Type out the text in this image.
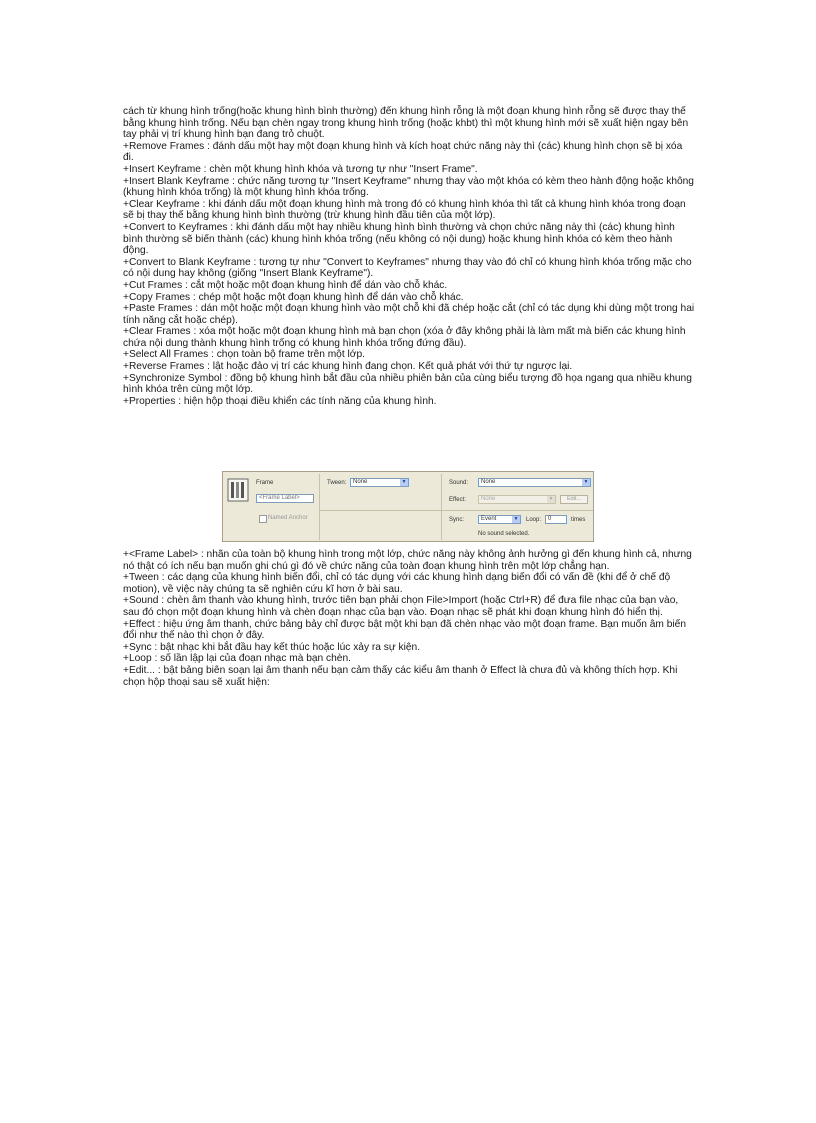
cách từ khung hình trống(hoặc khung hình bình thường) đến khung hình rỗng là một đoạn khung hình rỗng sẽ được thay thế bằng khung hình trống. Nếu bạn chèn ngay trong khung hình trống (hoặc khbt) thì một khung hình mới sẽ xuất hiện ngay bên tay phải vị trí khung hình bạn đang trỏ chuột.

+Remove Frames : đánh dấu một hay một đoạn khung hình và kích hoạt chức năng này thì (các) khung hình chọn sẽ bị xóa đi.

+Insert Keyframe : chèn một khung hình khóa và tương tự như "Insert Frame".

+Insert Blank Keyframe : chức năng tương tự "Insert Keyframe" nhưng thay vào một khóa có kèm theo hành động hoặc không (khung hình khóa trống) là một khung hình khóa trống.

+Clear Keyframe : khi đánh dấu một đoạn khung hình mà trong đó có khung hình khóa thì tất cả khung hình khóa trong đoạn sẽ bị thay thế bằng khung hình bình thường (trừ khung hình đầu tiên của một lớp).

+Convert to Keyframes : khi đánh dấu một hay nhiều khung hình bình thường và chọn chức năng này thì (các) khung hình bình thường sẽ biến thành (các) khung hình khóa trống (nếu không có nội dung) hoặc khung hình khóa có kèm theo hành động.

+Convert to Blank Keyframe : tương tự như "Convert to Keyframes" nhưng thay vào đó chỉ có khung hình khóa trống mặc cho có nội dung hay không (giống "Insert Blank Keyframe").

+Cut Frames : cắt một hoặc một đoạn khung hình để dán vào chỗ khác.

+Copy Frames : chép một hoặc một đoạn khung hình để dán vào chỗ khác.

+Paste Frames : dán một hoặc một đoạn khung hình vào một chỗ khi đã chép hoặc cắt (chỉ có tác dụng khi dùng một trong hai tính năng cắt hoặc chép).

+Clear Frames : xóa một hoặc một đoạn khung hình mà bạn chọn (xóa ở đây không phải là làm mất mà biến các khung hình chứa nội dung thành khung hình trống có khung hình khóa trống đứng đầu).

+Select All Frames : chọn toàn bộ frame trên một lớp.

+Reverse Frames : lật hoặc đảo vị trí các khung hình đang chọn. Kết quả phát với thứ tự ngược lại.

+Synchronize Symbol : đồng bộ khung hình bắt đầu của nhiều phiên bản của cùng biểu tượng đồ họa ngang qua nhiều khung hình khóa trên cùng một lớp.

+Properties : hiện hộp thoại điều khiển các tính năng của khung hình.

Frame
<Frame Label>
Named Anchor
Tween:	None	▼	Sound:	None	▼
Effect:	None	▼	Edit...
Sync:	Event	▼ Loop:	0	times
No sound selected.

+<Frame Label> : nhãn của toàn bộ khung hình trong một lớp, chức năng này không ảnh hưởng gì đến khung hình cả, nhưng nó thật có ích nếu bạn muốn ghi chú gì đó về chức năng của toàn đoạn khung hình trên một lớp chẳng hạn.

+Tween : các dạng của khung hình biến đổi, chỉ có tác dụng với các khung hình dạng biến đổi có vấn đề (khi để ở chế độ motion), về việc này chúng ta sẽ nghiên cứu kĩ hơn ở bài sau.

+Sound : chèn âm thanh vào khung hình, trước tiên bạn phải chọn File>Import (hoặc Ctrl+R) để đưa file nhạc của bạn vào, sau đó chọn một đoạn khung hình và chèn đoạn nhạc của bạn vào. Đoạn nhạc sẽ phát khi đoạn khung hình đó hiển thị.

+Effect : hiệu ứng âm thanh, chức bảng bảy chỉ được bật một khi bạn đã chèn nhạc vào một đoạn frame. Bạn muốn âm biến đổi như thế nào thì chọn ở đây.

+Sync : bật nhạc khi bắt đầu hay kết thúc hoặc lúc xảy ra sự kiện.

+Loop : số lần lập lại của đoạn nhạc mà bạn chèn.

+Edit... : bật bảng biên soạn lại âm thanh nếu bạn cảm thấy các kiểu âm thanh ở Effect là chưa đủ và không thích hợp. Khi chọn hộp thoại sau sẽ xuất hiện:
